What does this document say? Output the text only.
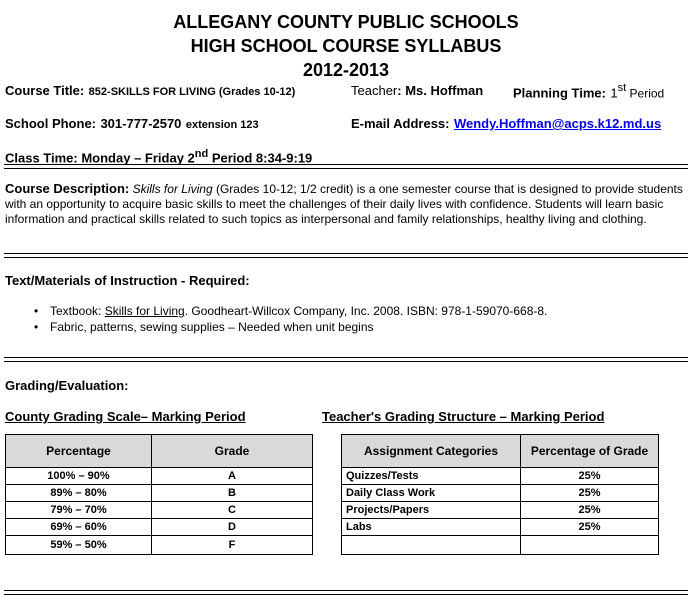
ALLEGANY COUNTY PUBLIC SCHOOLS
HIGH SCHOOL COURSE SYLLABUS
2012-2013
Course Title: 852-SKILLS FOR LIVING (Grades 10-12)	Teacher: Ms. Hoffman Planning Time: 1st Period
School Phone: 301-777-2570 extension 123	E-mail Address: Wendy.Hoffman@acps.k12.md.us
Class Time: Monday – Friday 2nd Period 8:34-9:19
Course Description: Skills for Living (Grades 10-12; 1/2 credit) is a one semester course that is designed to provide students with an opportunity to acquire basic skills to meet the challenges of their daily lives with confidence. Students will learn basic information and practical skills related to such topics as interpersonal and family relationships, healthy living and clothing.
Text/Materials of Instruction - Required:
• Textbook: Skills for Living. Goodheart-Willcox Company, Inc. 2008. ISBN: 978-1-59070-668-8.
• Fabric, patterns, sewing supplies – Needed when unit begins
Grading/Evaluation:
County Grading Scale– Marking Period	Teacher's Grading Structure – Marking Period
Percentage	Grade
100% – 90%	A
89% – 80%	B
79% – 70%	C
69% – 60%	D
59% – 50%	F
Assignment Categories	Percentage of Grade
Quizzes/Tests	25%
Daily Class Work	25%
Projects/Papers	25%
Labs	25%
